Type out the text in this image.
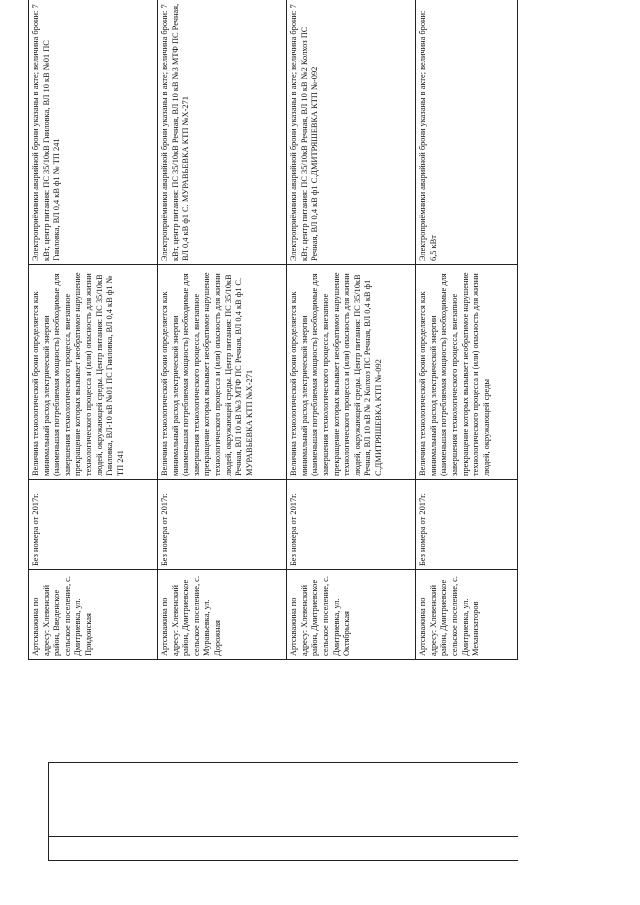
Артскважина по адресу: Хлевенский район, Введенское сельское поселение, с. Дмитриевка, ул. Придонская	Без номера от 2017г.	Величина технологической брони определяется как минимальный расход электрической энергии (наименьшая потребляемая мощность) необходимые для завершения технологического процесса, внезапное прекращение которых вызывает необратимое нарушение технологического процесса и (или) опасность для жизни людей, окружающей среды. Центр питания: ПС 35/10кВ Гниловка, ВЛ-10 кВ №01 ПС Гниловка, ВЛ 0,4 кВ ф1 № ТП 241	Электроприёмники аварийной брони указаны в акте; величина брони: 7 кВт, центр питания: ПС 35/10кВ Гниловка, ВЛ 10 кВ №01 ПС Гниловка, ВЛ 0,4 кВ ф1 № ТП 241
Артскважина по адресу: Хлевенский район, Дмитриевское сельское поселение, с. Муравьевка, ул. Дорожная	Без номера от 2017г.	Величина технологической брони определяется как минимальный расход электрической энергии (наименьшая потребляемая мощность) необходимые для завершения технологического процесса, внезапное прекращение которых вызывает необратимое нарушение технологического процесса и (или) опасность для жизни людей, окружающей среды. Центр питания: ПС 35/10кВ Речная, ВЛ 10 кВ №3 МТФ ПС Речная, ВЛ 0,4 кВ ф1 С. МУРАВЬЕВКА КТП №Х-271	Электроприёмники аварийной брони указаны в акте; величина брони: 7 кВт, центр питания: ПС 35/10кВ Речная, ВЛ 10 кВ №3 МТФ ПС Речная, ВЛ 0,4 кВ ф1 С. МУРАВЬЕВКА КТП №Х-271
Артскважина по адресу: Хлевенский район, Дмитриевское сельское поселение, с. Дмитриевка, ул. Октябрьская	Без номера от 2017г.	Величина технологической брони определяется как минимальный расход электрической энергии (наименьшая потребляемая мощность) необходимые для завершения технологического процесса, внезапное прекращение которых вызывает необратимое нарушение технологического процесса и (или) опасность для жизни людей, окружающей среды. Центр питания: ПС 35/10кВ Речная, ВЛ 10 кВ № 2 Колхоз ПС Речная, ВЛ 0,4 кВ ф1 С.ДМИТРЯШЕВКА КТП №-092	Электроприёмники аварийной брони указаны в акте; величина брони: 7 кВт, центр питания: ПС 35/10кВ Речная, ВЛ 10 кВ №2 Колхоз ПС Речная, ВЛ 0,4 кВ ф1 С.ДМИТРЯШЕВКА КТП №-092
Артскважина по адресу: Хлевенский район, Дмитриевское сельское поселение, с. Дмитриевка, ул. Механизаторов	Без номера от 2017г.	Величина технологической брони определяется как минимальный расход электрической энергии (наименьшая потребляемая мощность) необходимые для завершения технологического процесса, внезапное прекращение которых вызывает необратимое нарушение технологического процесса и (или) опасность для жизни людей, окружающей среды	Электроприёмники аварийной брони указаны в акте; величина брони: 6,5 кВт
